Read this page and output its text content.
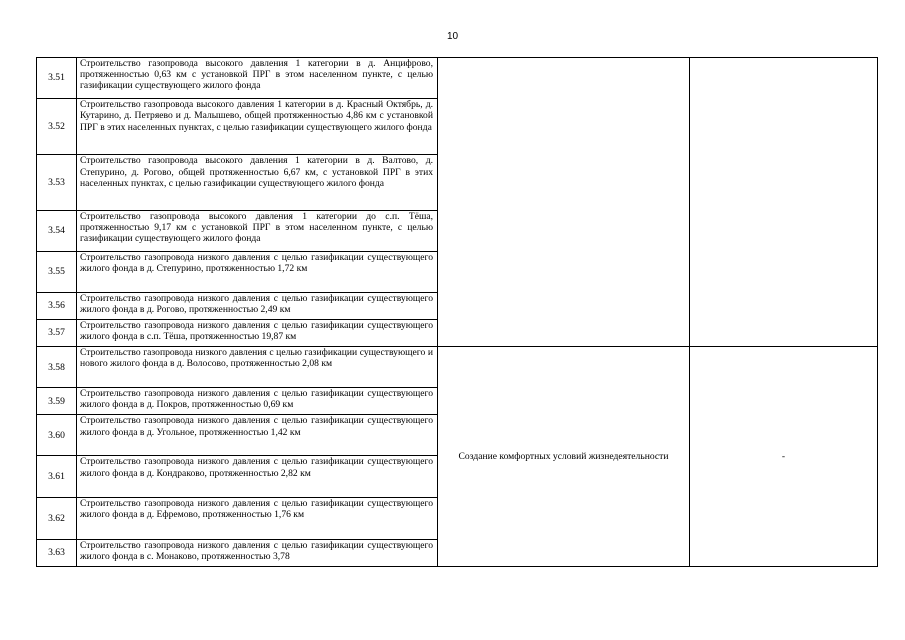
10
3.51	Строительство газопровода высокого давления 1 категории в д. Анцифрово, протяженностью 0,63 км с установкой ПРГ в этом населенном пункте, с целью газификации существующего жилого фонда		
3.52	Строительство газопровода высокого давления 1 категории в д. Красный Октябрь, д. Кутарино, д. Петряево и д. Малышево, общей протяженностью 4,86 км с установкой ПРГ в этих населенных пунктах, с целью газификации существующего жилого фонда		
3.53	Строительство газопровода высокого давления 1 категории в д. Валтово, д. Степурино, д. Рогово, общей протяженностью 6,67 км, с установкой ПРГ в этих населенных пунктах, с целью газификации существующего жилого фонда		
3.54	Строительство газопровода высокого давления 1 категории до с.п. Тёша, протяженностью 9,17 км с установкой ПРГ в этом населенном пункте, с целью газификации существующего жилого фонда		
3.55	Строительство газопровода низкого давления с целью газификации существующего жилого фонда в д. Степурино, протяженностью 1,72 км		
3.56	Строительство газопровода низкого давления с целью газификации существующего жилого фонда в д. Рогово, протяженностью 2,49 км		
3.57	Строительство газопровода низкого давления с целью газификации существующего жилого фонда в с.п. Тёша, протяженностью 19,87 км		
3.58	Строительство газопровода низкого давления с целью газификации существующего и нового жилого фонда в д. Волосово, протяженностью 2,08 км	Создание комфортных условий жизнедеятельности	-
3.59	Строительство газопровода низкого давления с целью газификации существующего жилого фонда в д. Покров, протяженностью 0,69 км		
3.60	Строительство газопровода низкого давления с целью газификации существующего жилого фонда в д. Угольное, протяженностью 1,42 км		
3.61	Строительство газопровода низкого давления с целью газификации существующего жилого фонда в д. Кондраково, протяженностью 2,82 км		
3.62	Строительство газопровода низкого давления с целью газификации существующего жилого фонда в д. Ефремово, протяженностью 1,76 км		
3.63	Строительство газопровода низкого давления с целью газификации существующего жилого фонда в с. Монаково, протяженностью 3,78		
